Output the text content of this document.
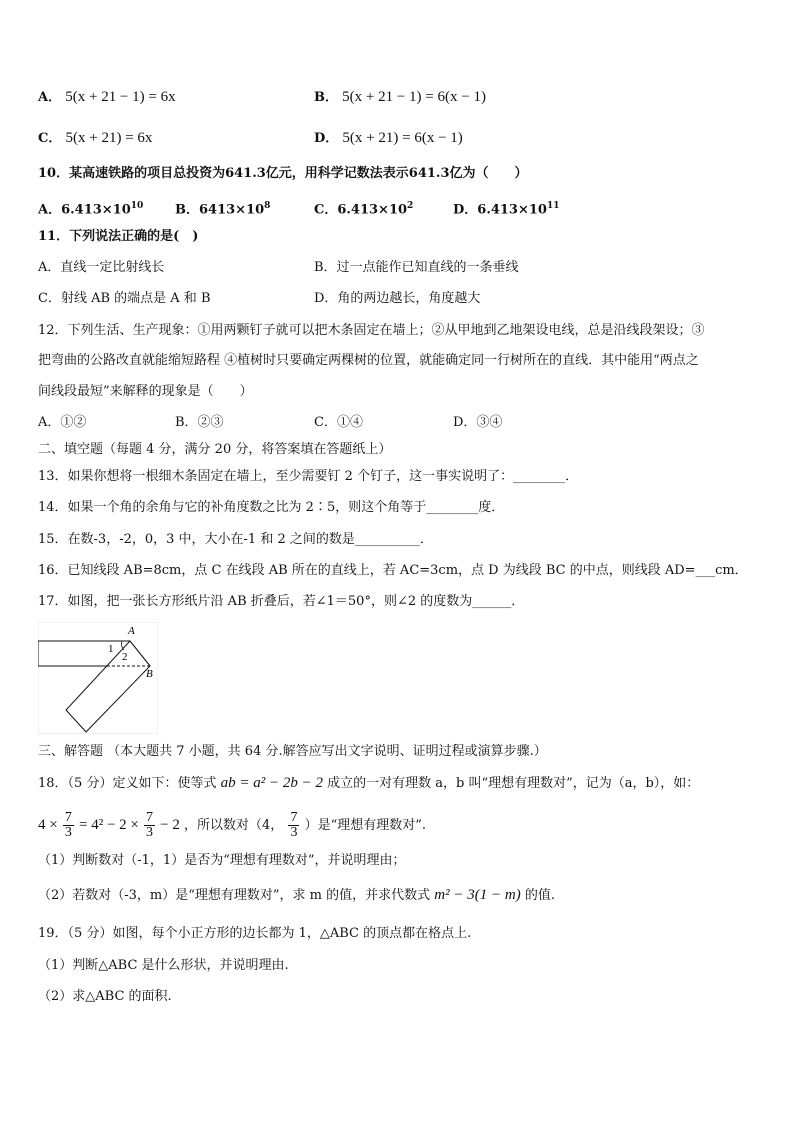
A． 5(x + 21 − 1) = 6x	B． 5(x + 21 − 1) = 6(x − 1)
C． 5(x + 21) = 6x	D． 5(x + 21) = 6(x − 1)
10．某高速铁路的项目总投资为641.3亿元，用科学记数法表示641.3亿为（　　）
A．$6.413\times 10^{10}$ B．$6413\times 10^8$	C．$6.413\times 10^2$	D．$6.413\times 10^{11}$
11．下列说法正确的是(　)
A．直线一定比射线长	B．过一点能作已知直线的一条垂线
C．射线 AB 的端点是 A 和 B	D．角的两边越长，角度越大
12．下列生活、生产现象：①用两颗钉子就可以把木条固定在墙上；②从甲地到乙地架设电线，总是沿线段架设；③
把弯曲的公路改直就能缩短路程 ④植树时只要确定两棵树的位置，就能确定同一行树所在的直线．其中能用“两点之
间线段最短”来解释的现象是（　　）
A．①②	B．②③	C．①④	D．③④
二、填空题（每题 4 分，满分 20 分，将答案填在答题纸上）
13．如果你想将一根细木条固定在墙上，至少需要钉 2 个钉子，这一事实说明了：________．
14．如果一个角的余角与它的补角度数之比为 2∶5，则这个角等于________度．
15．在数-3，-2，0，3 中，大小在-1 和 2 之间的数是__________．
16．已知线段 AB=8cm，点 C 在线段 AB 所在的直线上，若 AC=3cm，点 D 为线段 BC 的中点，则线段 AD=___cm．
17．如图，把一张长方形纸片沿 AB 折叠后，若∠1＝50°，则∠2 的度数为______．
A
B
1
2
三、解答题 （本大题共 7 小题，共 64 分.解答应写出文字说明、证明过程或演算步骤.）
18．（5 分）定义如下：使等式 ab = a² − 2b − 2 成立的一对有理数 a，b 叫“理想有理数对”，记为（a，b），如：
$4 \times \frac{7}{3} = 4^2 - 2 \times \frac{7}{3} - 2$ ，所以数对（4， $\frac{7}{3}$ ）是“理想有理数对”.
（1）判断数对（-1，1）是否为“理想有理数对”，并说明理由；
（2）若数对（-3，m）是“理想有理数对”，求 m 的值，并求代数式 m² − 3(1 − m) 的值.
19．（5 分）如图，每个小正方形的边长都为 1，△ABC 的顶点都在格点上.
（1）判断△ABC 是什么形状，并说明理由.
（2）求△ABC 的面积.
